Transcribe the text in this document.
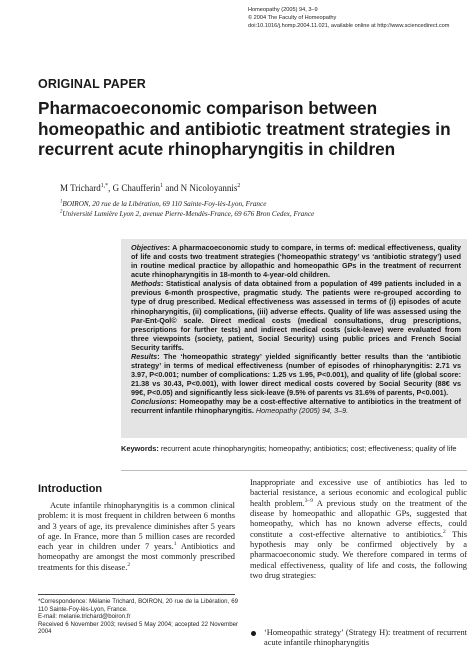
Homeopathy (2005) 94, 3–9
© 2004 The Faculty of Homeopathy
doi:10.1016/j.homp.2004.11.021, available online at http://www.sciencedirect.com
ORIGINAL PAPER
Pharmacoeconomic comparison between homeopathic and antibiotic treatment strategies in recurrent acute rhinopharyngitis in children
M Trichard$^{1,*}$, G Chaufferin$^1$ and N Nicoloyannis$^2$
$^1$BOIRON, 20 rue de la Libération, 69 110 Sainte-Foy-lès-Lyon, France
$^2$Université Lumière Lyon 2, avenue Pierre-Mendès-France, 69 676 Bron Cedex, France

Objectives: A pharmacoeconomic study to compare, in terms of: medical effectiveness, quality of life and costs two treatment strategies (‘homeopathic strategy’ vs ‘antibiotic strategy’) used in routine medical practice by allopathic and homeopathic GPs in the treatment of recurrent acute rhinopharyngitis in 18-month to 4-year-old children.

Methods: Statistical analysis of data obtained from a population of 499 patients included in a previous 6-month prospective, pragmatic study. The patients were re-grouped according to type of drug prescribed. Medical effectiveness was assessed in terms of (i) episodes of acute rhinopharyngitis, (ii) complications, (iii) adverse effects. Quality of life was assessed using the Par-Ent-Qol© scale. Direct medical costs (medical consultations, drug prescriptions, prescriptions for further tests) and indirect medical costs (sick-leave) were evaluated from three viewpoints (society, patient, Social Security) using public prices and French Social Security tariffs.

Results: The ‘homeopathic strategy’ yielded significantly better results than the ‘antibiotic strategy’ in terms of medical effectiveness (number of episodes of rhinopharyngitis: 2.71 vs 3.97, P<0.001; number of complications: 1.25 vs 1.95, P<0.001), and quality of life (global score: 21.38 vs 30.43, P<0.001), with lower direct medical costs covered by Social Security (88€ vs 99€, P<0.05) and significantly less sick-leave (9.5% of parents vs 31.6% of parents, P<0.001).

Conclusions: Homeopathy may be a cost-effective alternative to antibiotics in the treatment of recurrent infantile rhinopharyngitis. Homeopathy (2005) 94, 3–9.

Keywords: recurrent acute rhinopharyngitis; homeopathy; antibiotics; cost; effectiveness; quality of life
Introduction

Acute infantile rhinopharyngitis is a common clinical problem: it is most frequent in children between 6 months and 3 years of age, its prevalence diminishes after 5 years of age. In France, more than 5 million cases are recorded each year in children under 7 years.$^1$ Antibiotics and homeopathy are amongst the most commonly prescribed treatments for this disease.$^2$

*Correspondence: Mélanie Trichard, BOIRON, 20 rue de la Libération, 69 110 Sainte-Foy-lès-Lyon, France.
E-mail: melanie.trichard@boiron.fr
Received 6 November 2003; revised 5 May 2004; accepted 22 November 2004

Inappropriate and excessive use of antibiotics has led to bacterial resistance, a serious economic and ecological public health problem.$^{3-9}$ A previous study on the treatment of the disease by homeopathic and allopathic GPs, suggested that homeopathy, which has no known adverse effects, could constitute a cost-effective alternative to antibiotics.$^2$ This hypothesis may only be confirmed objectively by a pharmacoeconomic study. We therefore compared in terms of medical effectiveness, quality of life and costs, the following two drug strategies:

‘Homeopathic strategy’ (Strategy H): treatment of recurrent acute infantile rhinopharyngitis
